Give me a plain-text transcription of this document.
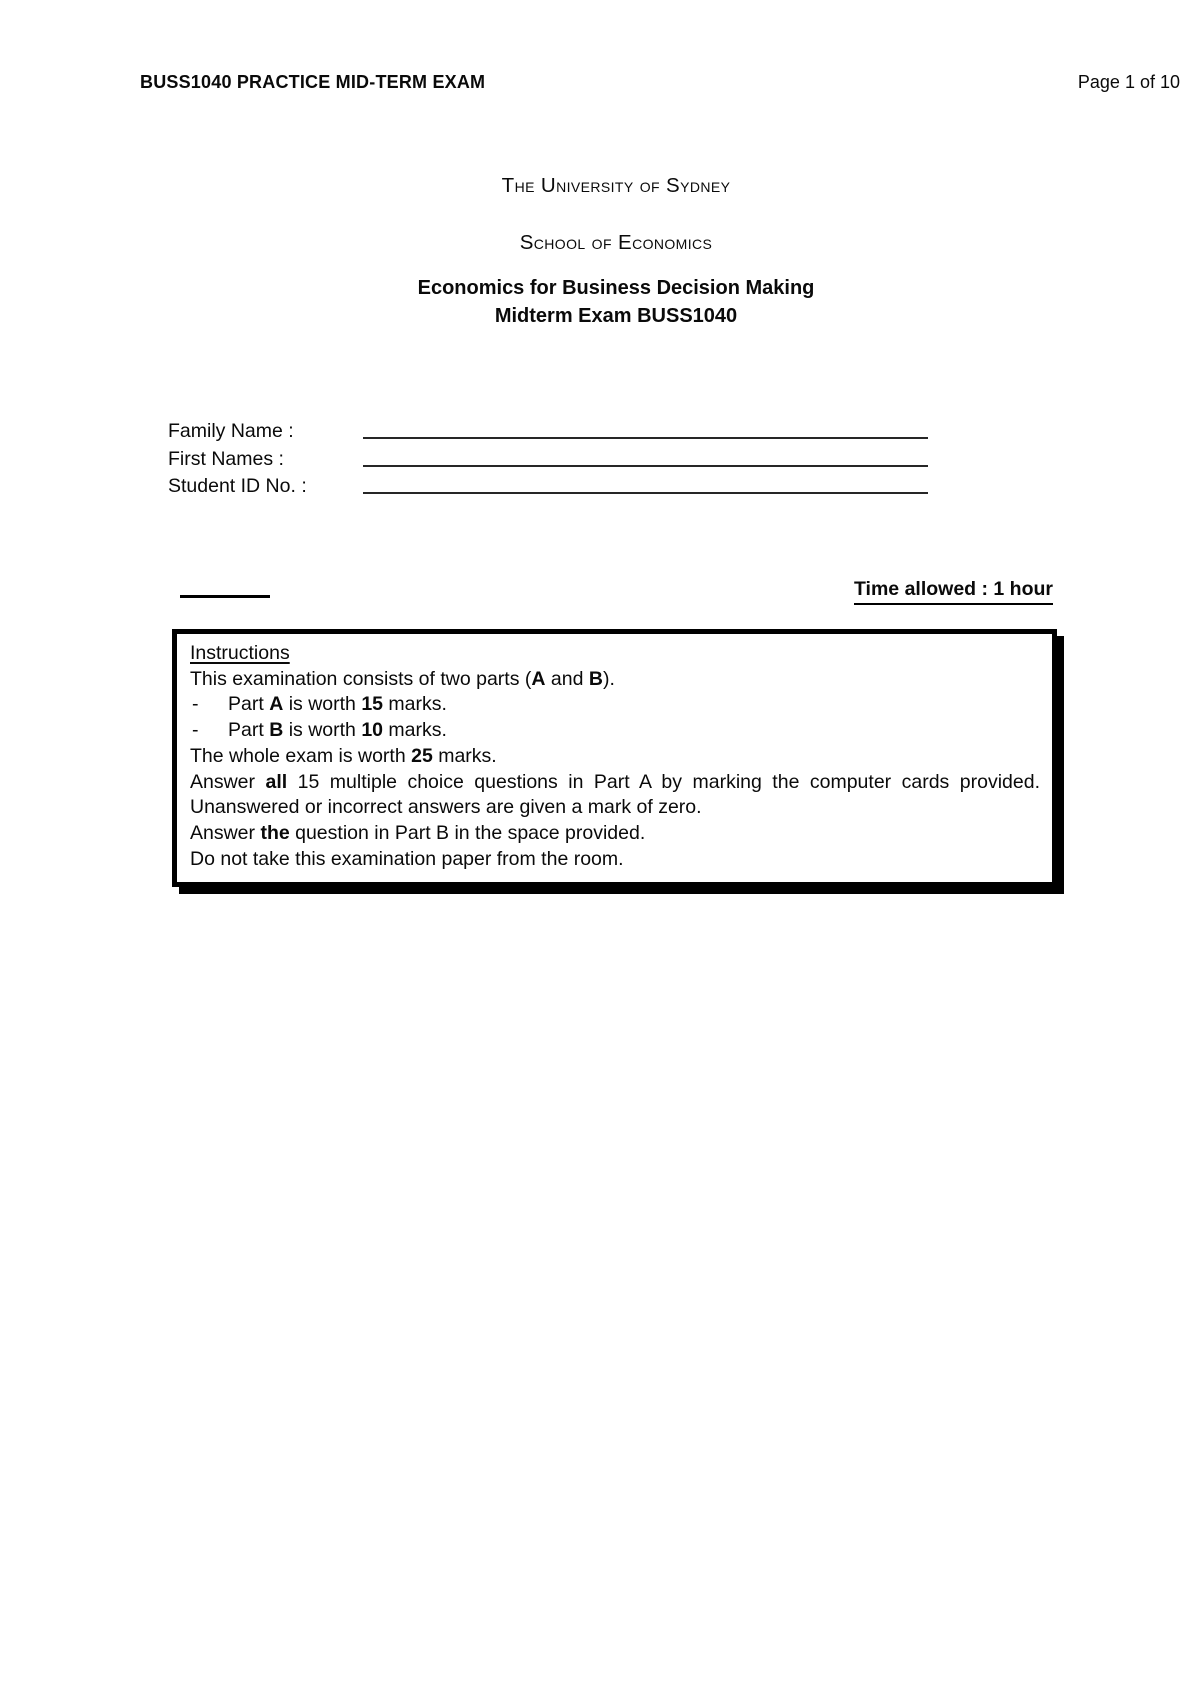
BUSS1040 PRACTICE MID-TERM EXAM	Page 1 of 10
The University of Sydney
School of Economics
Economics for Business Decision Making
Midterm Exam BUSS1040
Family Name :
First Names :
Student ID No. :
Time allowed : 1 hour
Instructions
This examination consists of two parts (A and B).
- Part A is worth 15 marks.
- Part B is worth 10 marks.
The whole exam is worth 25 marks.
Answer all 15 multiple choice questions in Part A by marking the computer cards provided.
Unanswered or incorrect answers are given a mark of zero.
Answer the question in Part B in the space provided.
Do not take this examination paper from the room.
